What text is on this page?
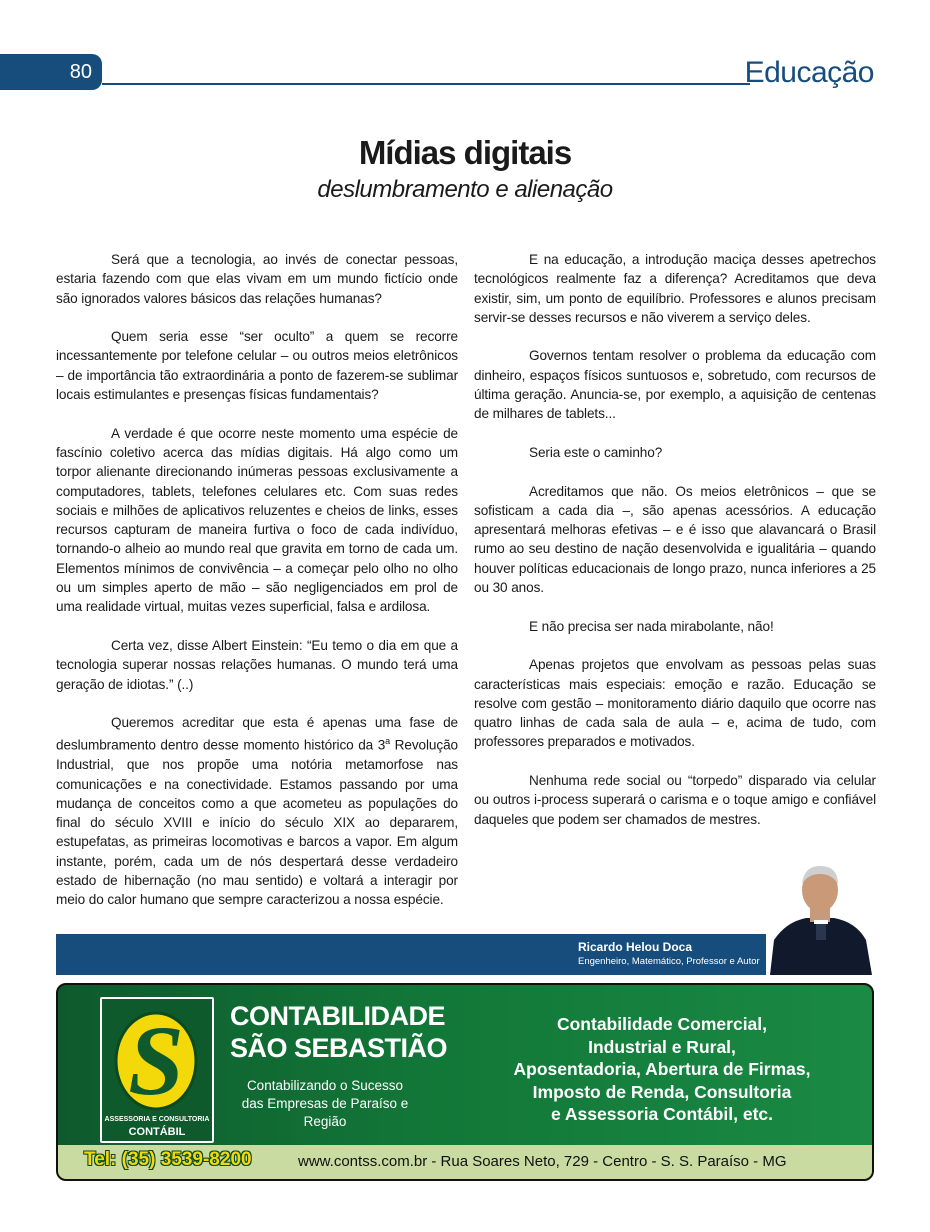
80	Educação
Mídias digitais
deslumbramento e alienação

Será que a tecnologia, ao invés de conectar pessoas, estaria fazendo com que elas vivam em um mundo fictício onde são ignorados valores básicos das relações humanas?

Quem seria esse “ser oculto” a quem se recorre incessantemente por telefone celular – ou outros meios eletrônicos – de importância tão extraordinária a ponto de fazerem-se sublimar locais estimulantes e presenças físicas fundamentais?

A verdade é que ocorre neste momento uma espécie de fascínio coletivo acerca das mídias digitais. Há algo como um torpor alienante direcionando inúmeras pessoas exclusivamente a computadores, tablets, telefones celulares etc. Com suas redes sociais e milhões de aplicativos reluzentes e cheios de links, esses recursos capturam de maneira furtiva o foco de cada indivíduo, tornando-o alheio ao mundo real que gravita em torno de cada um. Elementos mínimos de convivência – a começar pelo olho no olho ou um simples aperto de mão – são negligenciados em prol de uma realidade virtual, muitas vezes superficial, falsa e ardilosa.

Certa vez, disse Albert Einstein: “Eu temo o dia em que a tecnologia superar nossas relações humanas. O mundo terá uma geração de idiotas.” (..)

Queremos acreditar que esta é apenas uma fase de deslumbramento dentro desse momento histórico da 3$^a$ Revolução Industrial, que nos propõe uma notória metamorfose nas comunicações e na conectividade. Estamos passando por uma mudança de conceitos como a que acometeu as populações do final do século XVIII e início do século XIX ao depararem, estupefatas, as primeiras locomotivas e barcos a vapor. Em algum instante, porém, cada um de nós despertará desse verdadeiro estado de hibernação (no mau sentido) e voltará a interagir por meio do calor humano que sempre caracterizou a nossa espécie.

E na educação, a introdução maciça desses apetrechos tecnológicos realmente faz a diferença? Acreditamos que deva existir, sim, um ponto de equilíbrio. Professores e alunos precisam servir-se desses recursos e não viverem a serviço deles.

Governos tentam resolver o problema da educação com dinheiro, espaços físicos suntuosos e, sobretudo, com recursos de última geração. Anuncia-se, por exemplo, a aquisição de centenas de milhares de tablets...

Seria este o caminho?

Acreditamos que não. Os meios eletrônicos – que se sofisticam a cada dia –, são apenas acessórios. A educação apresentará melhoras efetivas – e é isso que alavancará o Brasil rumo ao seu destino de nação desenvolvida e igualitária – quando houver políticas educacionais de longo prazo, nunca inferiores a 25 ou 30 anos.

E não precisa ser nada mirabolante, não!

Apenas projetos que envolvam as pessoas pelas suas características mais especiais: emoção e razão. Educação se resolve com gestão – monitoramento diário daquilo que ocorre nas quatro linhas de cada sala de aula – e, acima de tudo, com professores preparados e motivados.

Nenhuma rede social ou “torpedo” disparado via celular ou outros i-process superará o carisma e o toque amigo e confiável daqueles que podem ser chamados de mestres.

Ricardo Helou Doca
Engenheiro, Matemático, Professor e Autor
S
ASSESSORIA E CONSULTORIA
CONTÁBIL
CONTABILIDADE
SÃO SEBASTIÃO
Contabilizando o Sucesso das Empresas de Paraíso e Região
Contabilidade Comercial,
Industrial e Rural,
Aposentadoria, Abertura de Firmas,
Imposto de Renda, Consultoria
e Assessoria Contábil, etc.
Tel: (35) 3539-8200	www.contss.com.br - Rua Soares Neto, 729 - Centro - S. S. Paraíso - MG
